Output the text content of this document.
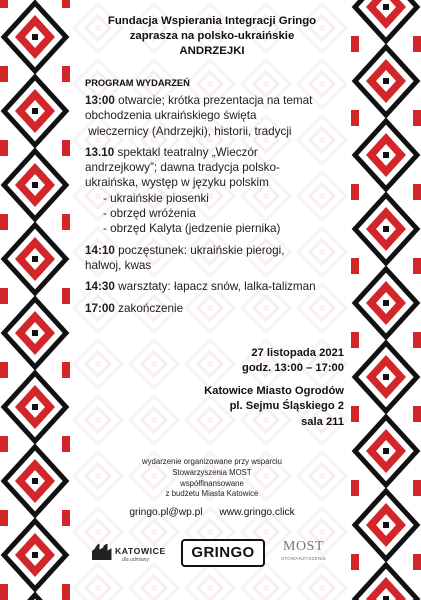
Fundacja Wspierania Integracji Gringo
zaprasza na polsko-ukraińskie
ANDRZEJKI
PROGRAM WYDARZEŃ
13:00 otwarcie; krótka prezentacja na temat
obchodzenia ukraińskiego święta
wieczernicy (Andrzejki), historii, tradycji
13.10 spektakl teatralny „Wieczór
andrzejkowy”; dawna tradycja polsko-
ukraińska, występ w języku polskim
- ukraińskie piosenki
- obrzęd wróżenia
- obrzęd Kalyta (jedzenie piernika)
14:10 poczęstunek: ukraińskie pierogi,
halwoj, kwas
14:30 warsztaty: łapacz snów, lalka-talizman
17:00 zakończenie
27 listopada 2021
godz. 13:00 – 17:00
Katowice Miasto Ogrodów
pl. Sejmu Śląskiego 2
sala 211
wydarzenie organizowane przy wsparciu
Stowarzyszenia MOST
współfinansowane
z budżetu Miasta Katowice
gringo.pl@wp.pl www.gringo.click
KATOWICE
dla odmiany	GRINGO	MOST
STOWARZYSZENIE
